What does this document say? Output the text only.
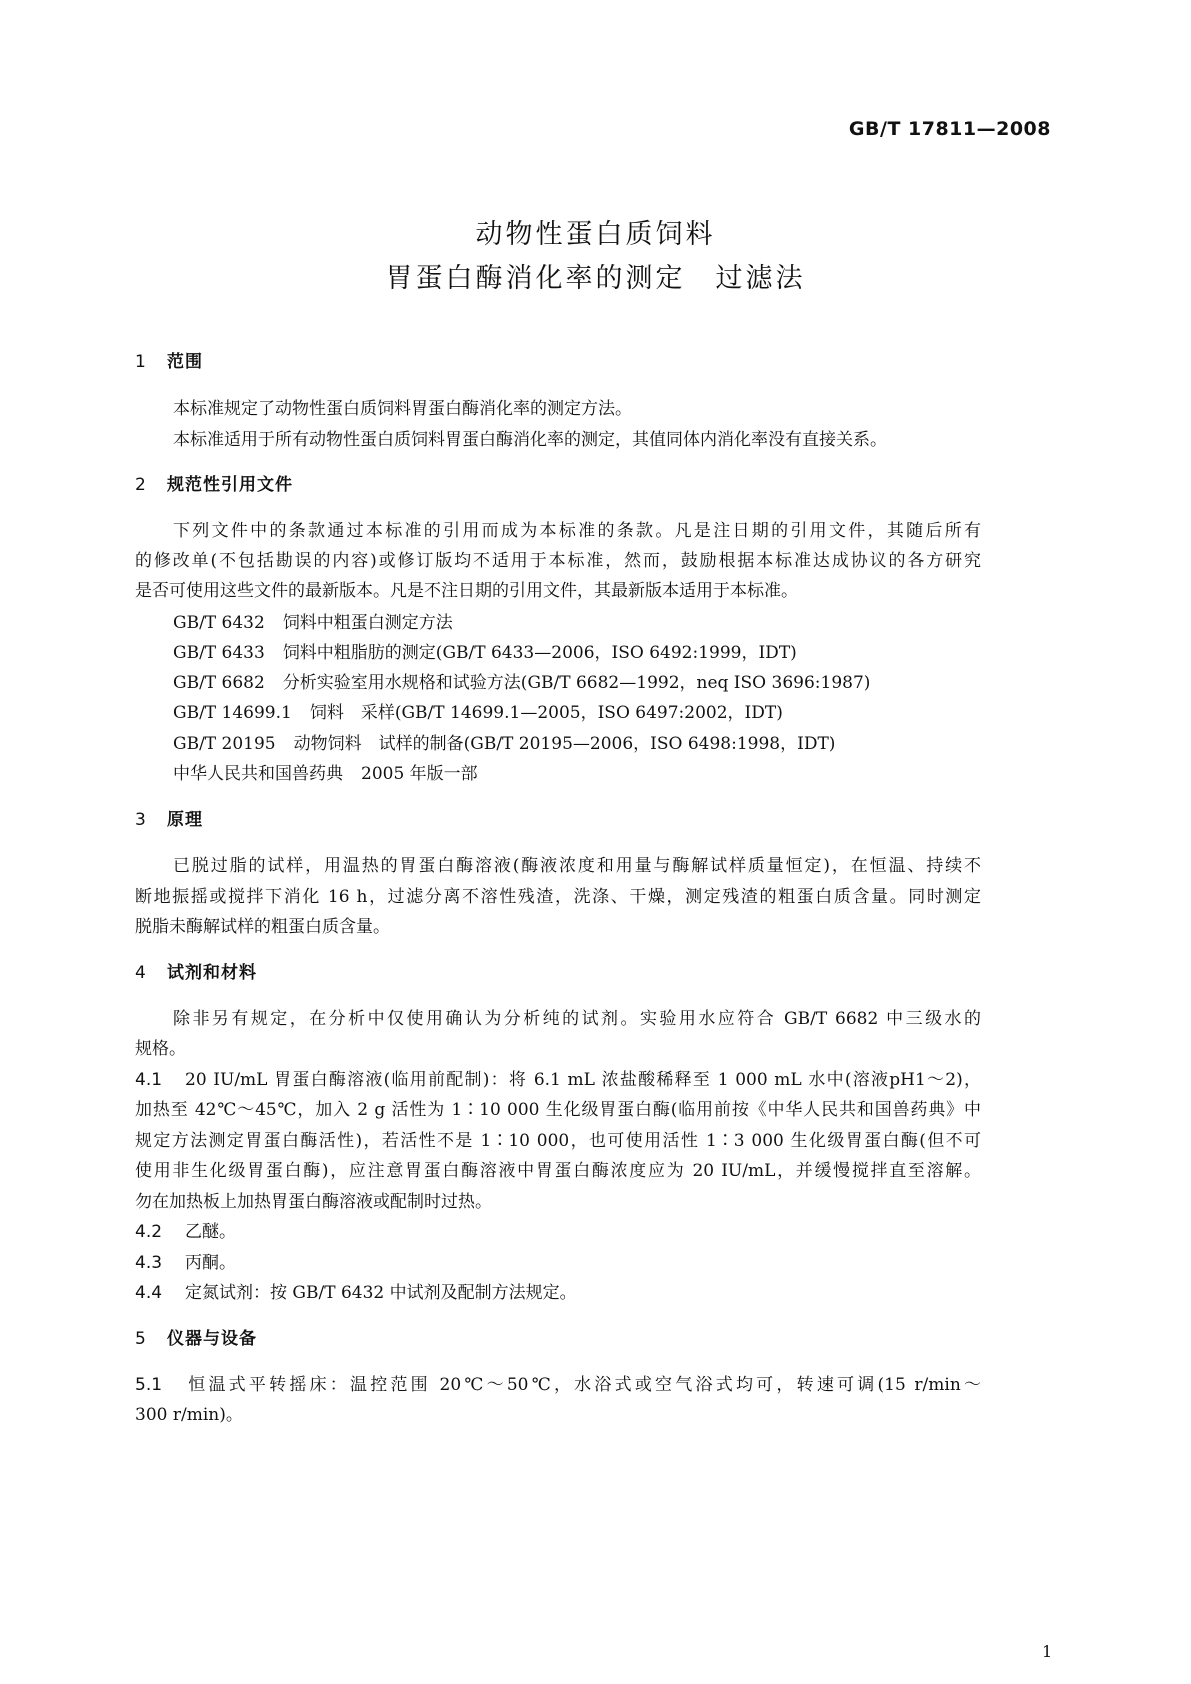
GB/T 17811—2008
动物性蛋白质饲料
胃蛋白酶消化率的测定　过滤法
1 范围
本标准规定了动物性蛋白质饲料胃蛋白酶消化率的测定方法。
本标准适用于所有动物性蛋白质饲料胃蛋白酶消化率的测定，其值同体内消化率没有直接关系。
2 规范性引用文件
下列文件中的条款通过本标准的引用而成为本标准的条款。凡是注日期的引用文件，其随后所有
的修改单(不包括勘误的内容)或修订版均不适用于本标准，然而，鼓励根据本标准达成协议的各方研究
是否可使用这些文件的最新版本。凡是不注日期的引用文件，其最新版本适用于本标准。
GB/T 6432 饲料中粗蛋白测定方法
GB/T 6433 饲料中粗脂肪的测定(GB/T 6433—2006，ISO 6492:1999，IDT)
GB/T 6682 分析实验室用水规格和试验方法(GB/T 6682—1992，neq ISO 3696:1987)
GB/T 14699.1 饲料　采样(GB/T 14699.1—2005，ISO 6497:2002，IDT)
GB/T 20195 动物饲料　试样的制备(GB/T 20195—2006，ISO 6498:1998，IDT)
中华人民共和国兽药典 2005 年版一部
3 原理
已脱过脂的试样，用温热的胃蛋白酶溶液(酶液浓度和用量与酶解试样质量恒定)，在恒温、持续不
断地振摇或搅拌下消化 16 h，过滤分离不溶性残渣，洗涤、干燥，测定残渣的粗蛋白质含量。同时测定
脱脂未酶解试样的粗蛋白质含量。
4 试剂和材料
除非另有规定，在分析中仅使用确认为分析纯的试剂。实验用水应符合 GB/T 6682 中三级水的
规格。
4.1 20 IU/mL 胃蛋白酶溶液(临用前配制)：将 6.1 mL 浓盐酸稀释至 1 000 mL 水中(溶液pH1～2)，
加热至 42℃～45℃，加入 2 g 活性为 1∶10 000 生化级胃蛋白酶(临用前按《中华人民共和国兽药典》中
规定方法测定胃蛋白酶活性)，若活性不是 1∶10 000，也可使用活性 1∶3 000 生化级胃蛋白酶(但不可
使用非生化级胃蛋白酶)，应注意胃蛋白酶溶液中胃蛋白酶浓度应为 20 IU/mL，并缓慢搅拌直至溶解。
勿在加热板上加热胃蛋白酶溶液或配制时过热。
4.2 乙醚。
4.3 丙酮。
4.4 定氮试剂：按 GB/T 6432 中试剂及配制方法规定。
5 仪器与设备
5.1 恒温式平转摇床：温控范围 20℃～50℃，水浴式或空气浴式均可，转速可调(15 r/min～
300 r/min)。
1
